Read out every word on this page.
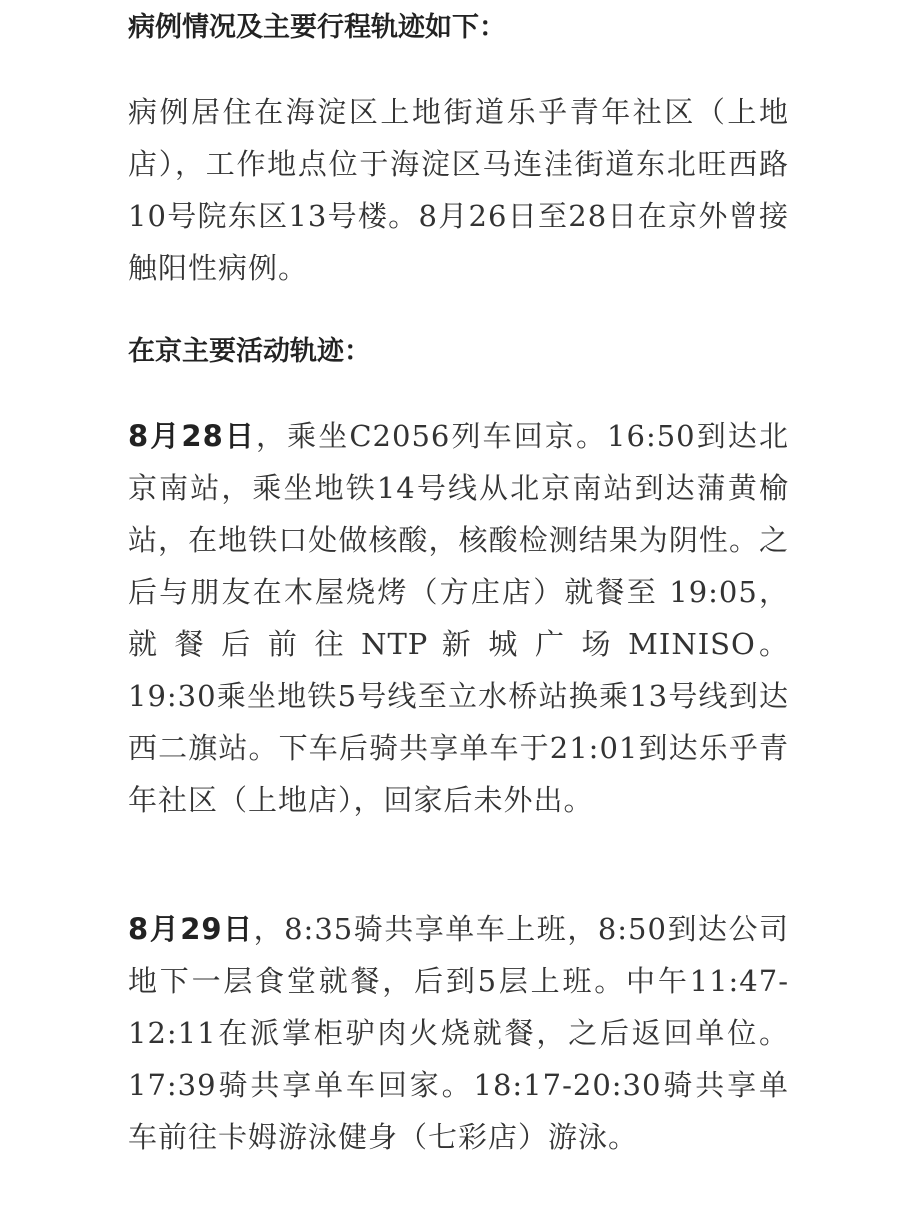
病例情况及主要行程轨迹如下：

病例居住在海淀区上地街道乐乎青年社区（上地店），工作地点位于海淀区马连洼街道东北旺西路10号院东区13号楼。8月26日至28日在京外曾接触阳性病例。

在京主要活动轨迹：

8月28日，乘坐C2056列车回京。16:50到达北京南站，乘坐地铁14号线从北京南站到达蒲黄榆站，在地铁口处做核酸，核酸检测结果为阴性。之后与朋友在木屋烧烤（方庄店）就餐至 19:05， 就 餐 后 前 往 NTP 新 城 广 场 MINISO。19:30乘坐地铁5号线至立水桥站换乘13号线到达西二旗站。下车后骑共享单车于21:01到达乐乎青年社区（上地店），回家后未外出。

8月29日，8:35骑共享单车上班，8:50到达公司地下一层食堂就餐，后到5层上班。中午11:47-12:11在派掌柜驴肉火烧就餐，之后返回单位。17:39骑共享单车回家。18:17-20:30骑共享单车前往卡姆游泳健身（七彩店）游泳。
